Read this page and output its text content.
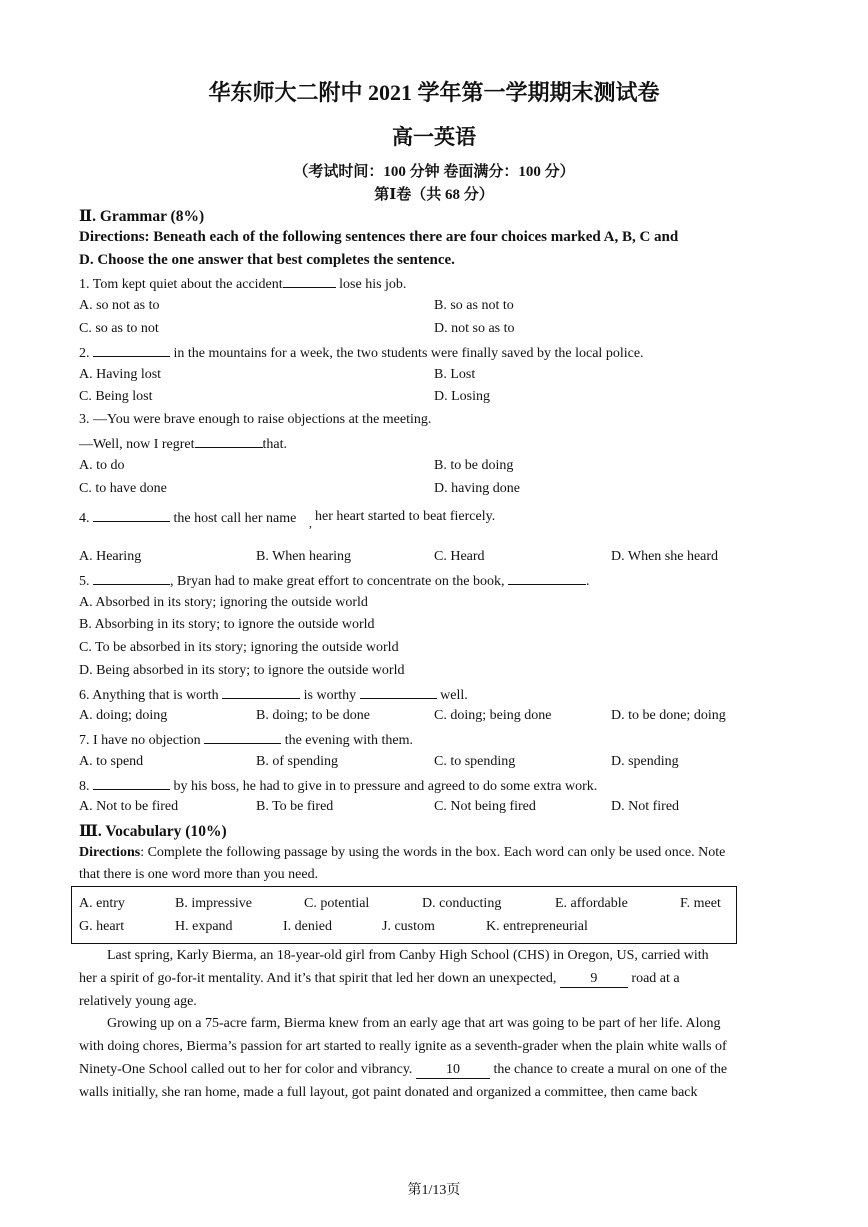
华东师大二附中 2021 学年第一学期期末测试卷
高一英语
（考试时间：100 分钟 卷面满分：100 分）
第Ⅰ卷（共 68 分）
Ⅱ. Grammar (8%)
Directions: Beneath each of the following sentences there are four choices marked A, B, C and
D. Choose the one answer that best completes the sentence.
1. Tom kept quiet about the accident	lose his job.
A. so not as to	B. so as not to
C. so as to not	D. not so as to
2.	in the mountains for a week, the two students were finally saved by the local police.
A. Having lost	B. Lost
C. Being lost	D. Losing
3. —You were brave enough to raise objections at the meeting.
—Well, now I regret	that.
A. to do	B. to be doing
C. to have done	D. having done
4.	the host call her name , her heart started to beat fiercely.
A. Hearing	B. When hearing	C. Heard	D. When she heard
5.	, Bryan had to make great effort to concentrate on the book,	.
A. Absorbed in its story; ignoring the outside world
B. Absorbing in its story; to ignore the outside world
C. To be absorbed in its story; ignoring the outside world
D. Being absorbed in its story; to ignore the outside world
6. Anything that is worth	is worthy	well.
A. doing; doing	B. doing; to be done	C. doing; being done	D. to be done; doing
7. I have no objection	the evening with them.
A. to spend	B. of spending	C. to spending	D. spending
8.	by his boss, he had to give in to pressure and agreed to do some extra work.
A. Not to be fired	B. To be fired	C. Not being fired	D. Not fired
Ⅲ. Vocabulary (10%)
Directions: Complete the following passage by using the words in the box. Each word can only be used once. Note
that there is one word more than you need.
A. entry	B. impressive	C. potential	D. conducting	E. affordable	F. meet
G. heart	H. expand	I. denied	J. custom	K. entrepreneurial
Last spring, Karly Bierma, an 18-year-old girl from Canby High School (CHS) in Oregon, US, carried with
her a spirit of go-for-it mentality. And it’s that spirit that led her down an unexpected, 9 road at a
relatively young age.
Growing up on a 75-acre farm, Bierma knew from an early age that art was going to be part of her life. Along
with doing chores, Bierma’s passion for art started to really ignite as a seventh-grader when the plain white walls of
Ninety-One School called out to her for color and vibrancy. 10 the chance to create a mural on one of the
walls initially, she ran home, made a full layout, got paint donated and organized a committee, then came back
第1/13页
